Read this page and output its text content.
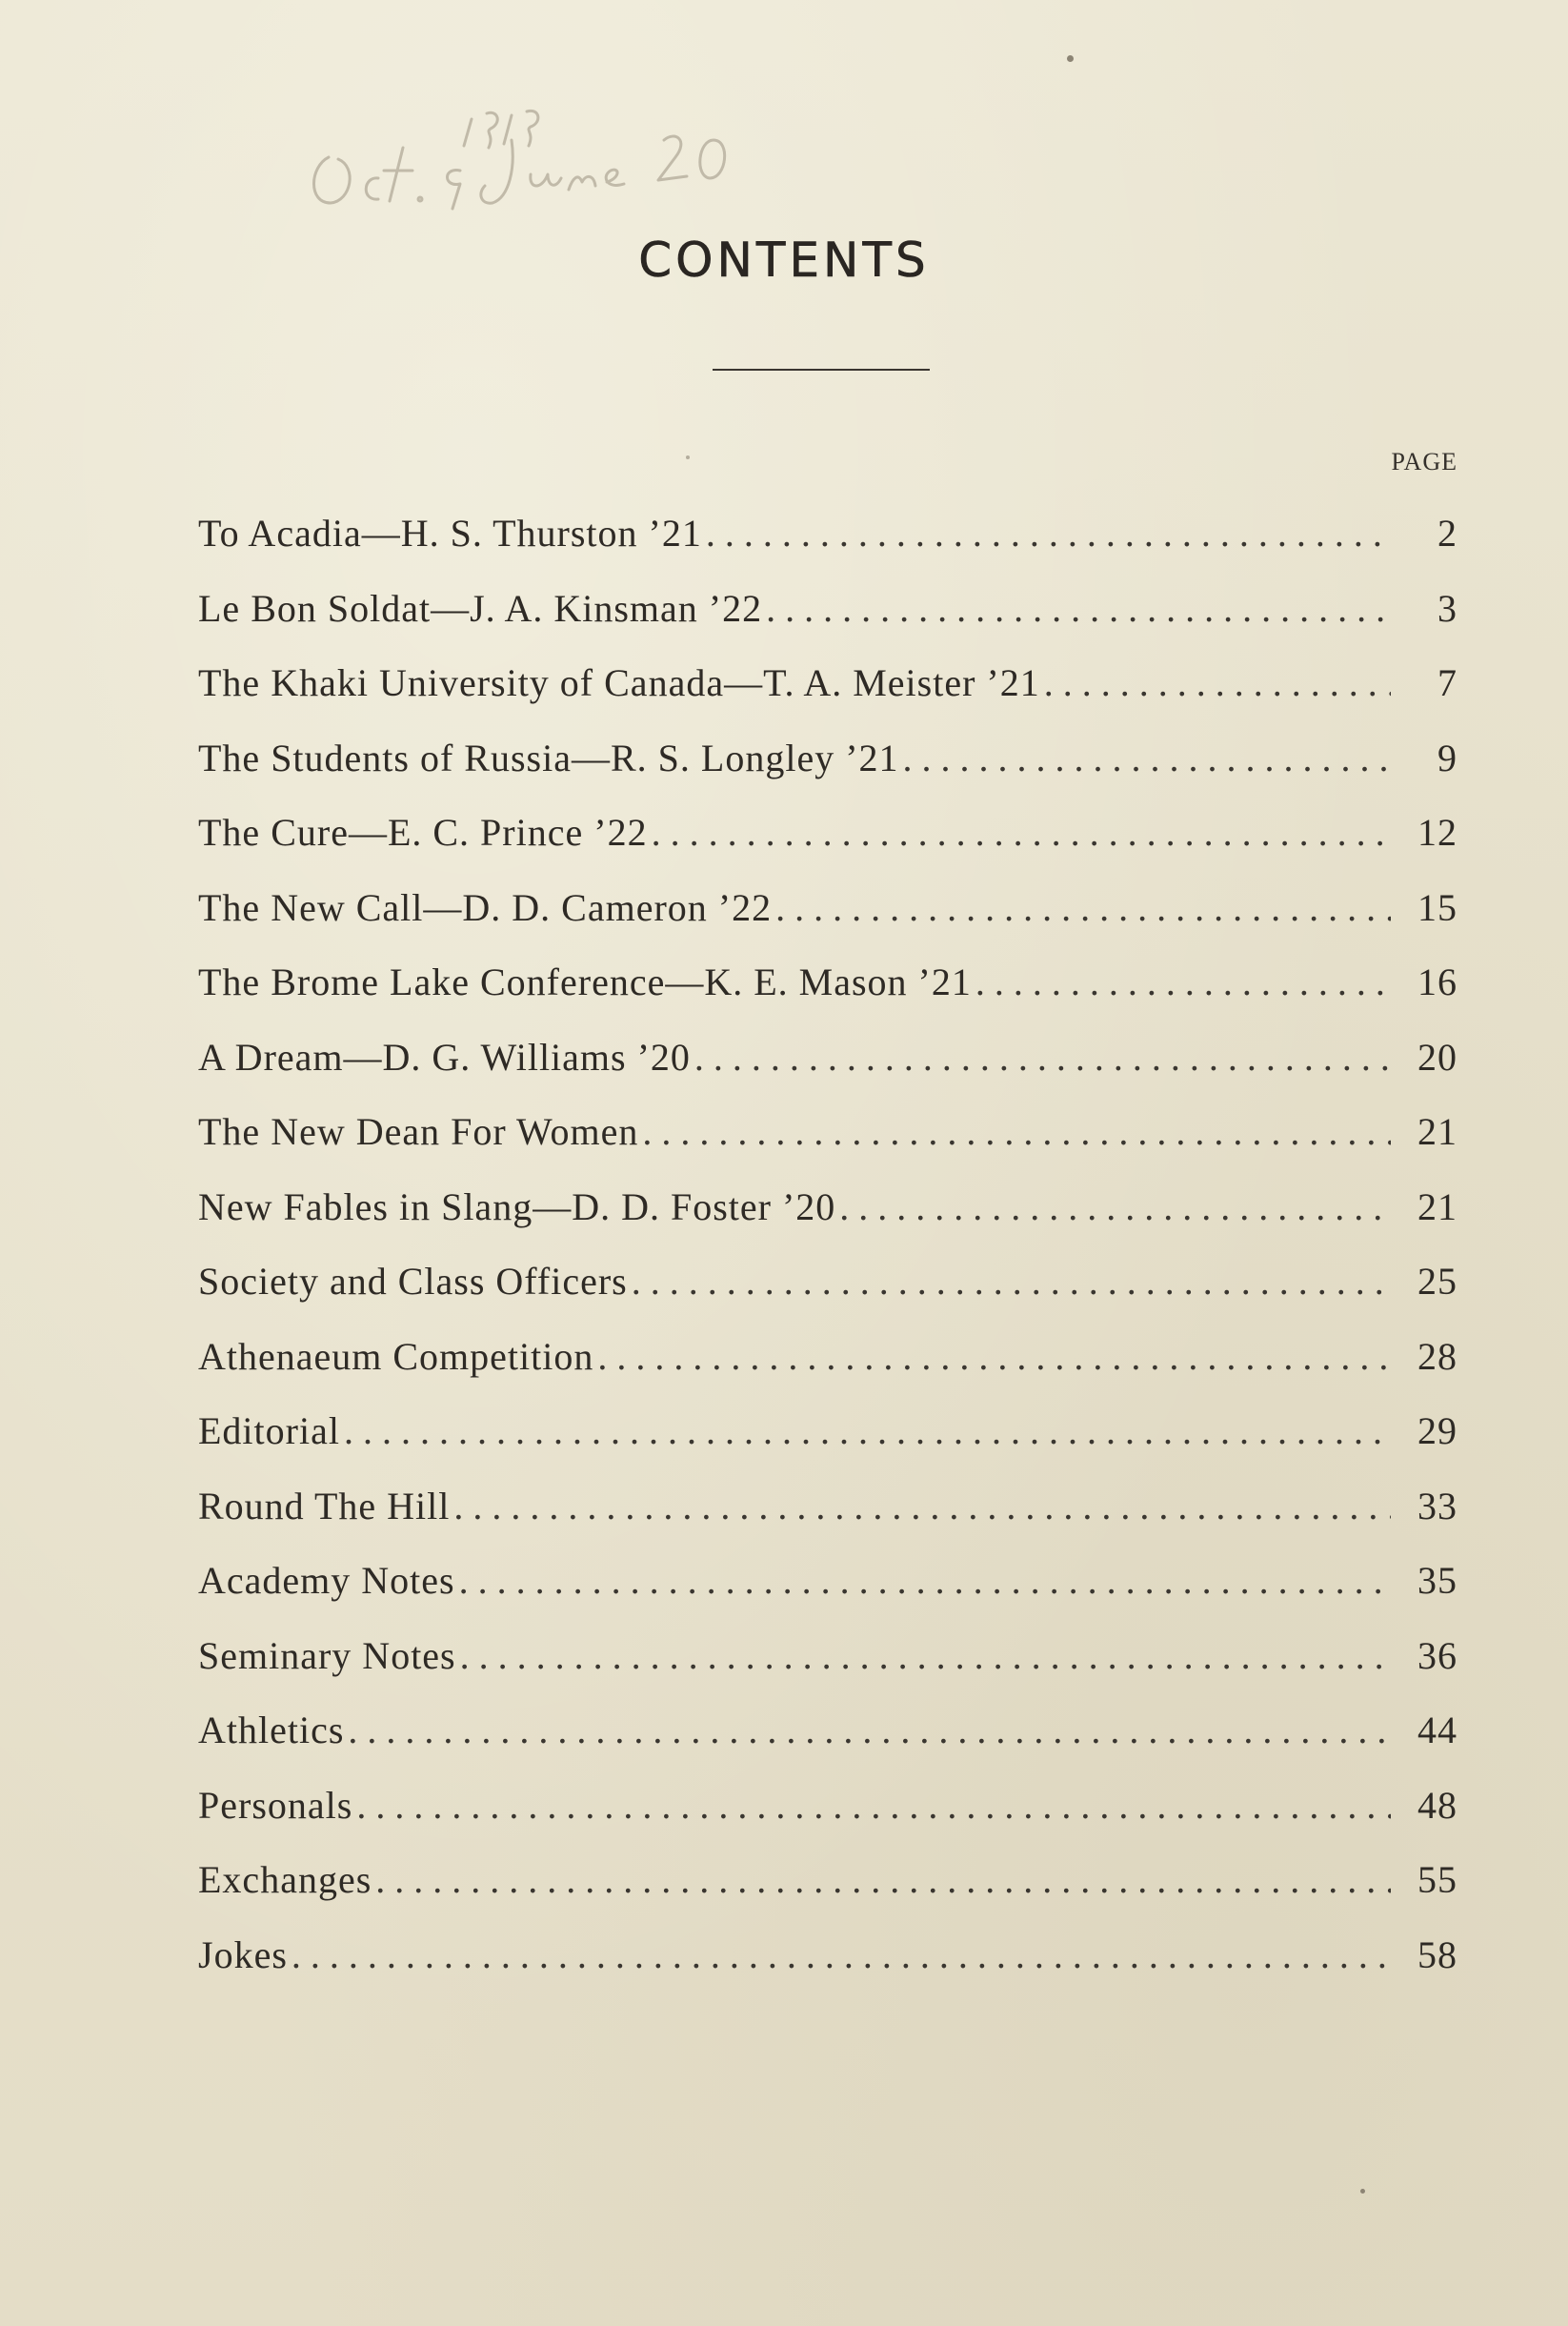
CONTENTS
PAGE
To Acadia—H. S. Thurston ’21 . . .	2
Le Bon Soldat—J. A. Kinsman ’22 . . .	3
The Khaki University of Canada—T. A. Meister ’21 . . .	7
The Students of Russia—R. S. Longley ’21 . . .	9
The Cure—E. C. Prince ’22 . . .	12
The New Call—D. D. Cameron ’22 . . .	15
The Brome Lake Conference—K. E. Mason ’21 . . .	16
A Dream—D. G. Williams ’20 . . .	20
The New Dean For Women . . .	21
New Fables in Slang—D. D. Foster ’20 . . .	21
Society and Class Officers . . .	25
Athenaeum Competition . . .	28
Editorial . . .	29
Round The Hill . . .	33
Academy Notes . . .	35
Seminary Notes . . .	36
Athletics . . .	44
Personals . . .	48
Exchanges . . .	55
Jokes . . .	58
